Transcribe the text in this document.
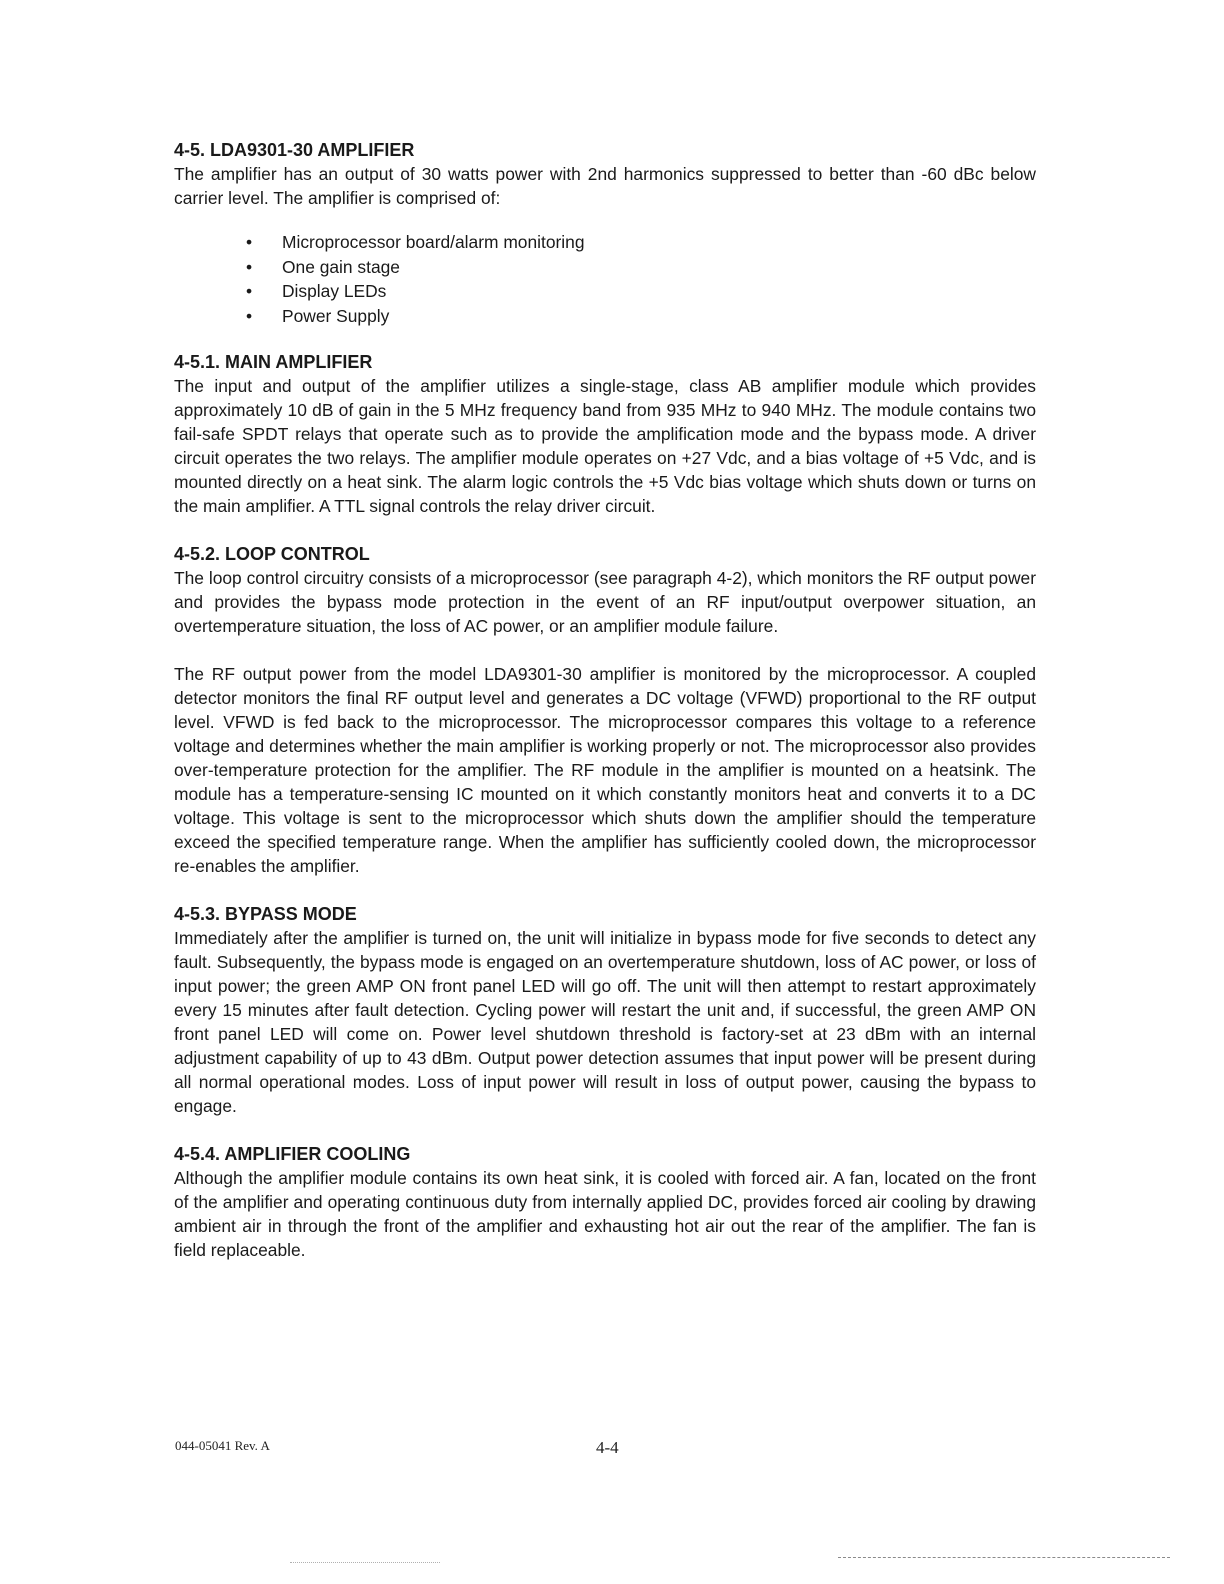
4-5. LDA9301-30 AMPLIFIER

The amplifier has an output of 30 watts power with 2nd harmonics suppressed to better than -60 dBc below carrier level. The amplifier is comprised of:

• Microprocessor board/alarm monitoring
• One gain stage
• Display LEDs
• Power Supply

4-5.1. MAIN AMPLIFIER

The input and output of the amplifier utilizes a single-stage, class AB amplifier module which provides approximately 10 dB of gain in the 5 MHz frequency band from 935 MHz to 940 MHz. The module contains two fail-safe SPDT relays that operate such as to provide the amplification mode and the bypass mode. A driver circuit operates the two relays. The amplifier module operates on +27 Vdc, and a bias voltage of +5 Vdc, and is mounted directly on a heat sink. The alarm logic controls the +5 Vdc bias voltage which shuts down or turns on the main amplifier. A TTL signal controls the relay driver circuit.

4-5.2. LOOP CONTROL

The loop control circuitry consists of a microprocessor (see paragraph 4-2), which monitors the RF output power and provides the bypass mode protection in the event of an RF input/output overpower situation, an overtemperature situation, the loss of AC power, or an amplifier module failure.

The RF output power from the model LDA9301-30 amplifier is monitored by the microprocessor. A coupled detector monitors the final RF output level and generates a DC voltage (VFWD) proportional to the RF output level. VFWD is fed back to the microprocessor. The microprocessor compares this voltage to a reference voltage and determines whether the main amplifier is working properly or not. The microprocessor also provides over-temperature protection for the amplifier. The RF module in the amplifier is mounted on a heatsink. The module has a temperature-sensing IC mounted on it which constantly monitors heat and converts it to a DC voltage. This voltage is sent to the microprocessor which shuts down the amplifier should the temperature exceed the specified temperature range. When the amplifier has sufficiently cooled down, the microprocessor re-enables the amplifier.

4-5.3. BYPASS MODE

Immediately after the amplifier is turned on, the unit will initialize in bypass mode for five seconds to detect any fault. Subsequently, the bypass mode is engaged on an overtemperature shutdown, loss of AC power, or loss of input power; the green AMP ON front panel LED will go off. The unit will then attempt to restart approximately every 15 minutes after fault detection. Cycling power will restart the unit and, if successful, the green AMP ON front panel LED will come on. Power level shutdown threshold is factory-set at 23 dBm with an internal adjustment capability of up to 43 dBm. Output power detection assumes that input power will be present during all normal operational modes. Loss of input power will result in loss of output power, causing the bypass to engage.

4-5.4. AMPLIFIER COOLING

Although the amplifier module contains its own heat sink, it is cooled with forced air. A fan, located on the front of the amplifier and operating continuous duty from internally applied DC, provides forced air cooling by drawing ambient air in through the front of the amplifier and exhausting hot air out the rear of the amplifier. The fan is field replaceable.

044-05041 Rev. A	4-4
